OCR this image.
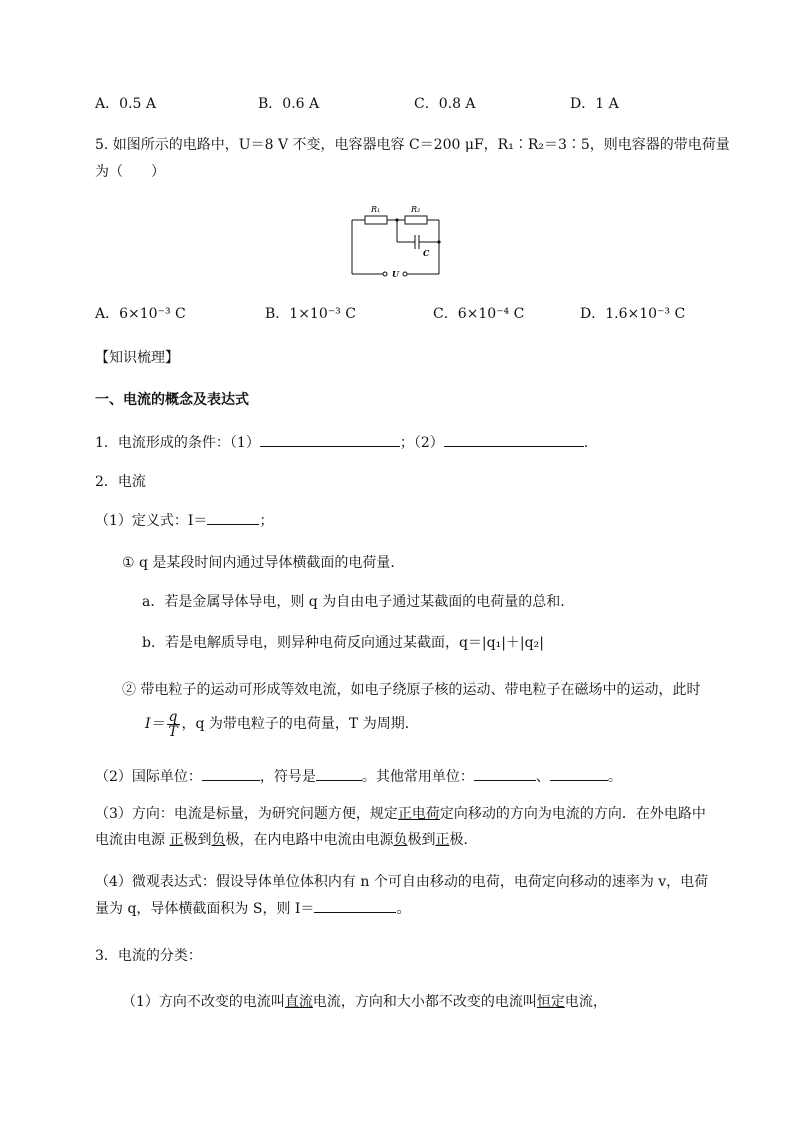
A．0.5 A	B．0.6 A	C．0.8 A	D．1 A
5. 如图所示的电路中，U＝8 V 不变，电容器电容 C＝200 μF，R₁∶R₂＝3∶5，则电容器的带电荷量
为（　　）
R₁	R₂
C
U
A．6×10⁻³ C	B．1×10⁻³ C	C．6×10⁻⁴ C	D．1.6×10⁻³ C
【知识梳理】
一、电流的概念及表达式
1．电流形成的条件：（1）	；（2）	.
2．电流
（1）定义式：I＝	；
① q 是某段时间内通过导体横截面的电荷量．
a．若是金属导体导电，则 q 为自由电子通过某截面的电荷量的总和．
b．若是电解质导电，则异种电荷反向通过某截面，q＝|q₁|＋|q₂|
② 带电粒子的运动可形成等效电流，如电子绕原子核的运动、带电粒子在磁场中的运动，此时
$I= \frac{q}{T}$ ，q 为带电粒子的电荷量，T 为周期．
（2）国际单位：	，符号是	。其他常用单位：	、	。
（3）方向：电流是标量，为研究问题方便，规定正电荷定向移动的方向为电流的方向．在外电路中
电流由电源 正极到负极，在内电路中电流由电源负极到正极．
（4）微观表达式：假设导体单位体积内有 n 个可自由移动的电荷，电荷定向移动的速率为 v，电荷
量为 q，导体横截面积为 S，则 I＝	。
3．电流的分类：
（1）方向不改变的电流叫直流电流，方向和大小都不改变的电流叫恒定电流，
